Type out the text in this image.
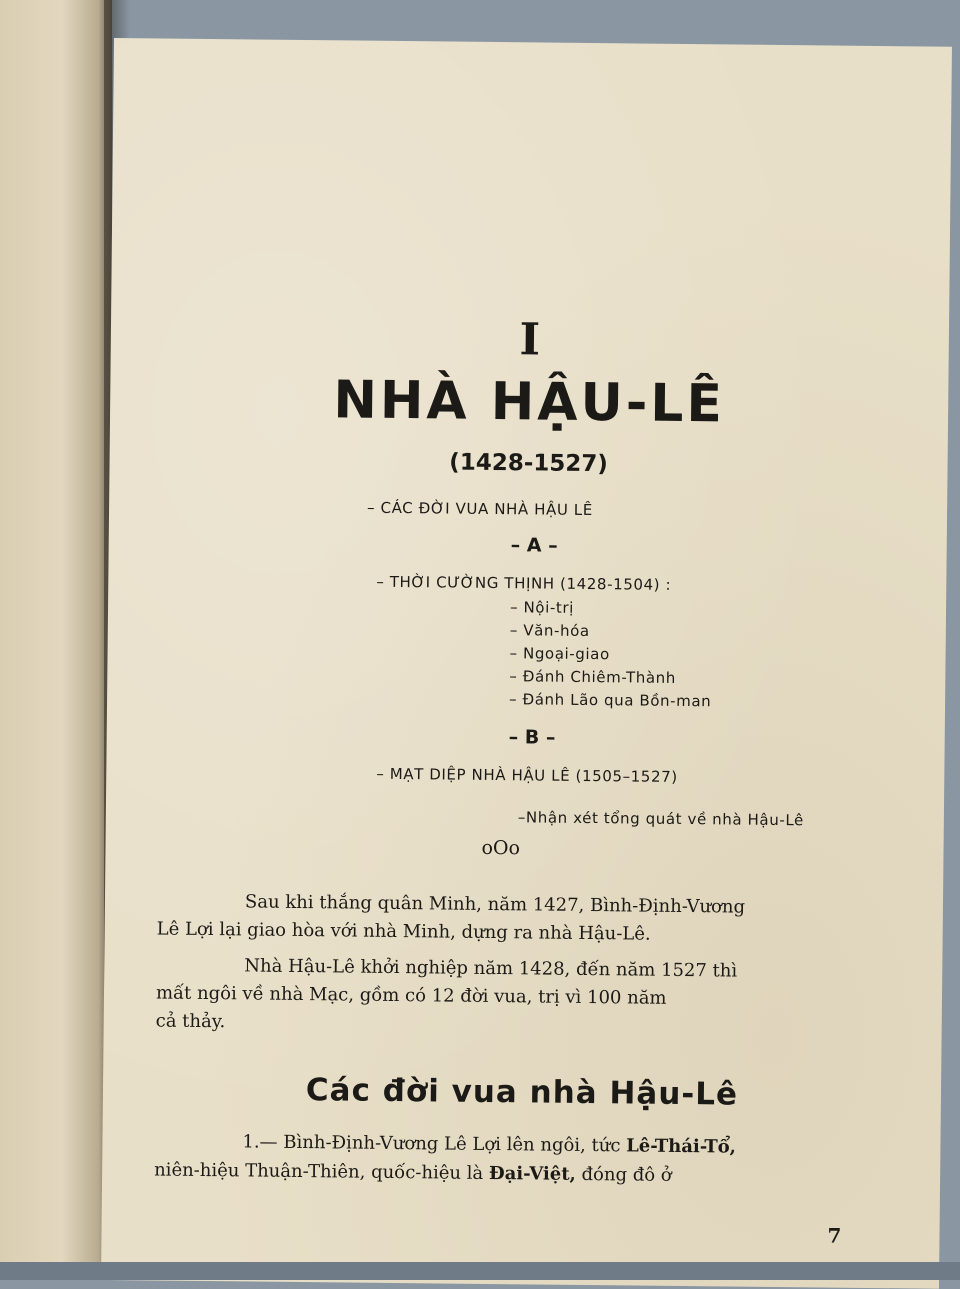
I
NHÀ HẬU-LÊ
(1428-1527)
– CÁC ĐỜI VUA NHÀ HẬU LÊ
– A –
– THỜI CƯỜNG THỊNH (1428-1504) :
– Nội-trị
– Văn-hóa
– Ngoại-giao
– Đánh Chiêm-Thành
– Đánh Lão qua Bồn-man
– B –
– MẠT DIỆP NHÀ HẬU LÊ (1505–1527)
–Nhận xét tổng quát về nhà Hậu-Lê
oOo
Sau khi thắng quân Minh, năm 1427, Bình-Định-Vương
Lê Lợi lại giao hòa với nhà Minh, dựng ra nhà Hậu-Lê.
Nhà Hậu-Lê khởi nghiệp năm 1428, đến năm 1527 thì
mất ngôi về nhà Mạc, gồm có 12 đời vua, trị vì 100 năm
cả thảy.
Các đời vua nhà Hậu-Lê
1.— Bình-Định-Vương Lê Lợi lên ngôi, tức Lê-Thái-Tổ,
niên-hiệu Thuận-Thiên, quốc-hiệu là Đại-Việt, đóng đô ở
7
